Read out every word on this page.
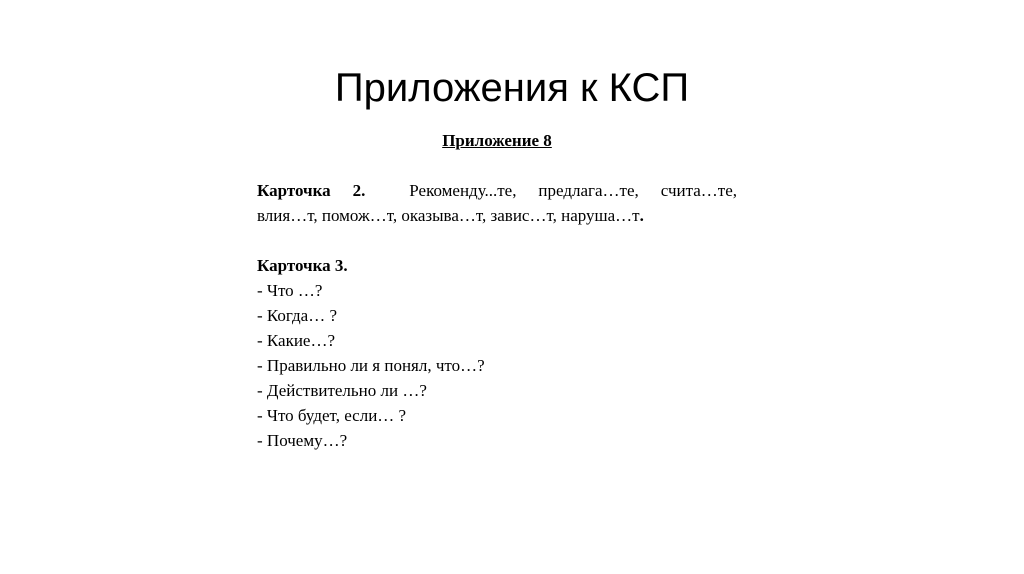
Приложения к КСП
Приложение 8
Карточка 2.	Рекоменду...те, предлага…те, счита…те,
влия…т, помож…т, оказыва…т, завис…т, наруша…т.
Карточка 3.
- Что …?
- Когда… ?
- Какие…?
- Правильно ли я понял, что…?
- Действительно ли …?
- Что будет, если… ?
- Почему…?
